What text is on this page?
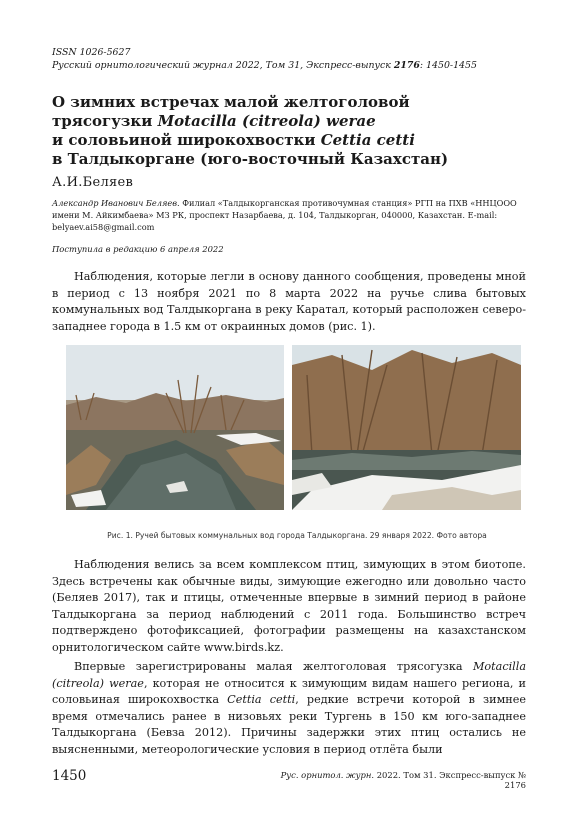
ISSN 1026-5627
Русский орнитологический журнал 2022, Том 31, Экспресс-выпуск 2176: 1450-1455
О зимних встречах малой желтоголовой
трясогузки Motacilla (citreola) werae
и соловьиной широкохвостки Cettia cetti
в Талдыкоргане (юго-восточный Казахстан)
А.И.Беляев
Александр Иванович Беляев. Филиал «Талдыкорганская противочумная станция» РГП на ПХВ «ННЦООО имени М. Айкимбаева» МЗ РК, проспект Назарбаева, д. 104, Талдыкорган, 040000, Казахстан. E-mail: belyaev.ai58@gmail.com
Поступила в редакцию 6 апреля 2022
Наблюдения, которые легли в основу данного сообщения, проведены мной в период с 13 ноября 2021 по 8 марта 2022 на ручье слива бытовых коммунальных вод Талдыкоргана в реку Каратал, который расположен северо-западнее города в 1.5 км от окраинных домов (рис. 1).
Рис. 1. Ручей бытовых коммунальных вод города Талдыкоргана. 29 января 2022. Фото автора
Наблюдения велись за всем комплексом птиц, зимующих в этом биотопе. Здесь встречены как обычные виды, зимующие ежегодно или довольно часто (Беляев 2017), так и птицы, отмеченные впервые в зимний период в районе Талдыкоргана за период наблюдений с 2011 года. Большинство встреч подтверждено фотофиксацией, фотографии размещены на казахстанском орнитологическом сайте www.birds.kz.
Впервые зарегистрированы малая желтоголовая трясогузка Motacilla (citreola) werae, которая не относится к зимующим видам нашего региона, и соловьиная широкохвостка Cettia cetti, редкие встречи которой в зимнее время отмечались ранее в низовьях реки Тургень в 150 км юго-западнее Талдыкоргана (Бевза 2012). Причины задержки этих птиц остались не выясненными, метеорологические условия в период отлёта были
1450	Рус. орнитол. журн. 2022. Том 31. Экспресс-выпуск № 2176
